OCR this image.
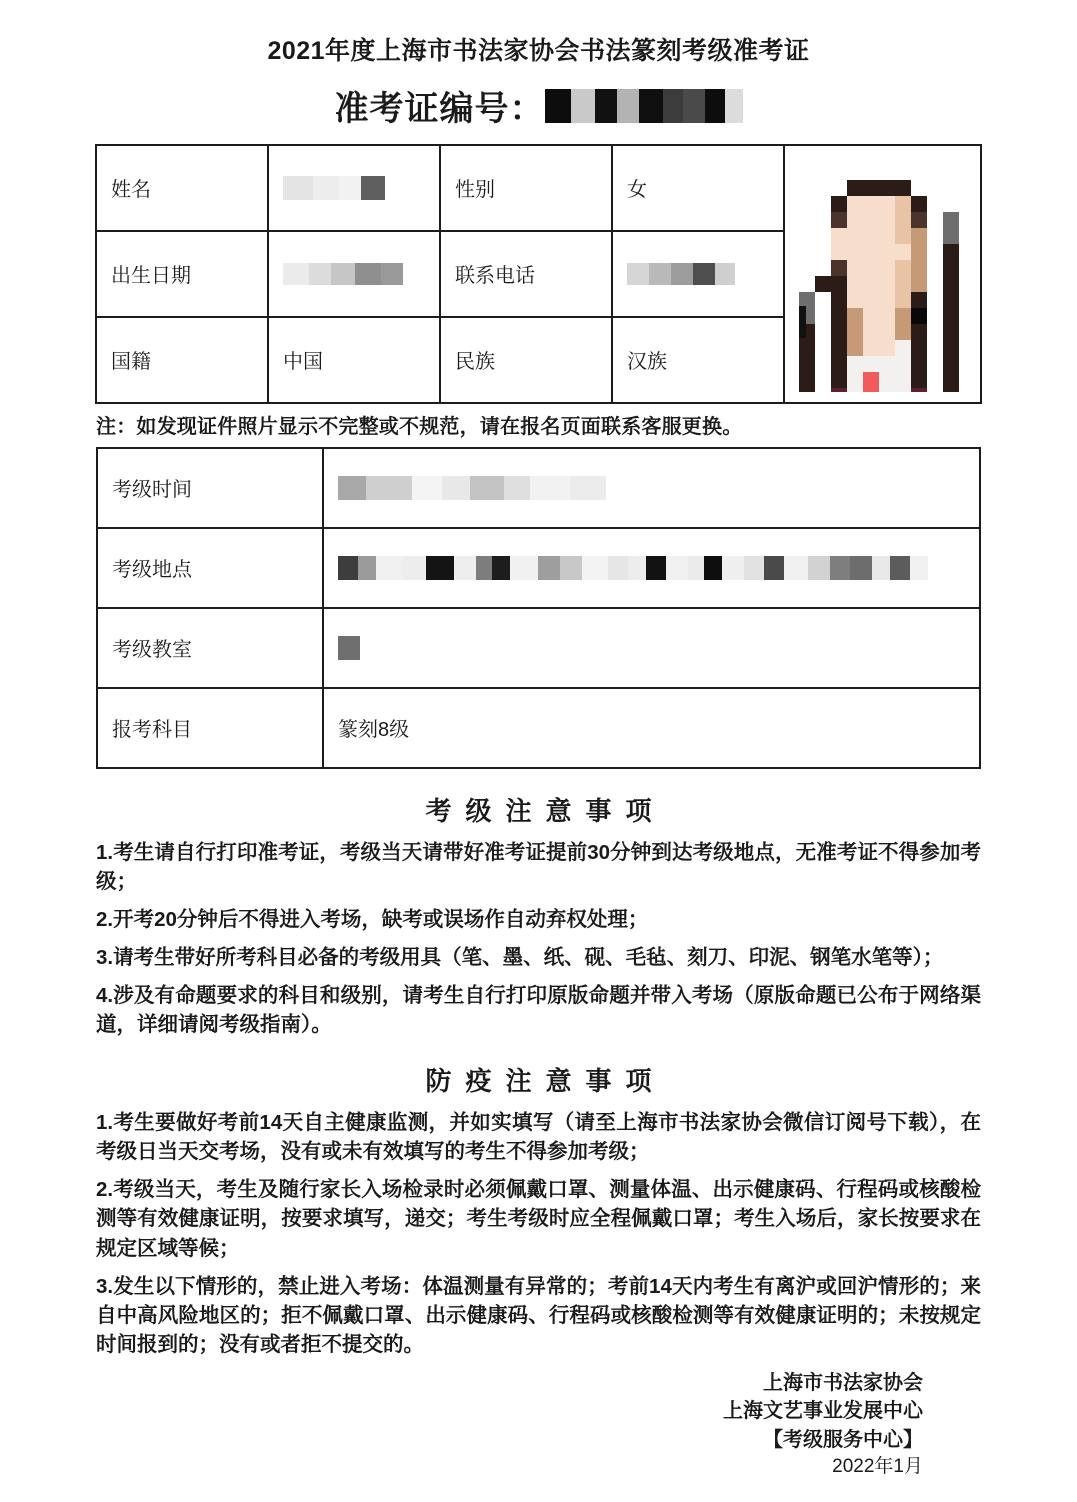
2021年度上海市书法家协会书法篆刻考级准考证
准考证编号：
姓名		性别	女	

出生日期		联系电话		

国籍	中国	民族	汉族	
注：如发现证件照片显示不完整或不规范，请在报名页面联系客服更换。
考级时间	

考级地点	

考级教室	

报考科目	篆刻8级
考级注意事项
1.考生请自行打印准考证，考级当天请带好准考证提前30分钟到达考级地点，无准考证不得参加考级；
2.开考20分钟后不得进入考场，缺考或误场作自动弃权处理；
3.请考生带好所考科目必备的考级用具（笔、墨、纸、砚、毛毡、刻刀、印泥、钢笔水笔等）；
4.涉及有命题要求的科目和级别，请考生自行打印原版命题并带入考场（原版命题已公布于网络渠道，详细请阅考级指南）。
防疫注意事项
1.考生要做好考前14天自主健康监测，并如实填写（请至上海市书法家协会微信订阅号下载），在考级日当天交考场，没有或未有效填写的考生不得参加考级；
2.考级当天，考生及随行家长入场检录时必须佩戴口罩、测量体温、出示健康码、行程码或核酸检测等有效健康证明，按要求填写，递交；考生考级时应全程佩戴口罩；考生入场后，家长按要求在规定区域等候；
3.发生以下情形的，禁止进入考场：体温测量有异常的；考前14天内考生有离沪或回沪情形的；来自中高风险地区的；拒不佩戴口罩、出示健康码、行程码或核酸检测等有效健康证明的；未按规定时间报到的；没有或者拒不提交的。
上海市书法家协会
上海文艺事业发展中心
【考级服务中心】
2022年1月
